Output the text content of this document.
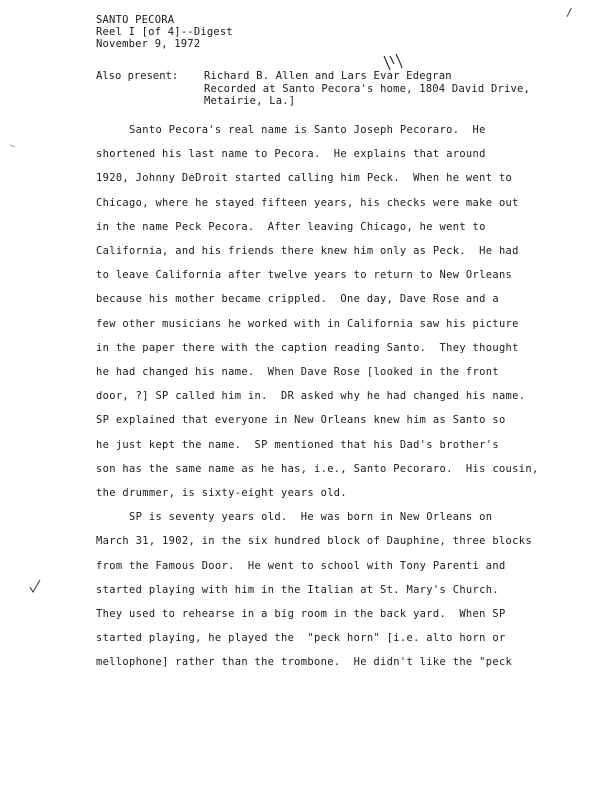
/
SANTO PECORA
Reel I [of 4]--Digest
November 9, 1972
Also present: Richard B. Allen and Lars Evar Edegran
Recorded at Santo Pecora's home, 1804 David Drive,
Metairie, La.]
Santo Pecora's real name is Santo Joseph Pecoraro.  He
shortened his last name to Pecora.  He explains that around
1920, Johnny DeDroit started calling him Peck.  When he went to
Chicago, where he stayed fifteen years, his checks were make out
in the name Peck Pecora.  After leaving Chicago, he went to
California, and his friends there knew him only as Peck.  He had
to leave California after twelve years to return to New Orleans
because his mother became crippled.  One day, Dave Rose and a
few other musicians he worked with in California saw his picture
in the paper there with the caption reading Santo.  They thought
he had changed his name.  When Dave Rose [looked in the front
door, ?] SP called him in.  DR asked why he had changed his name.
SP explained that everyone in New Orleans knew him as Santo so
he just kept the name.  SP mentioned that his Dad's brother's
son has the same name as he has, i.e., Santo Pecoraro.  His cousin,
the drummer, is sixty-eight years old.
SP is seventy years old.  He was born in New Orleans on
March 31, 1902, in the six hundred block of Dauphine, three blocks
from the Famous Door.  He went to school with Tony Parenti and
started playing with him in the Italian at St. Mary's Church.
They used to rehearse in a big room in the back yard.  When SP
started playing, he played the  "peck horn" [i.e. alto horn or
mellophone] rather than the trombone.  He didn't like the "peck
